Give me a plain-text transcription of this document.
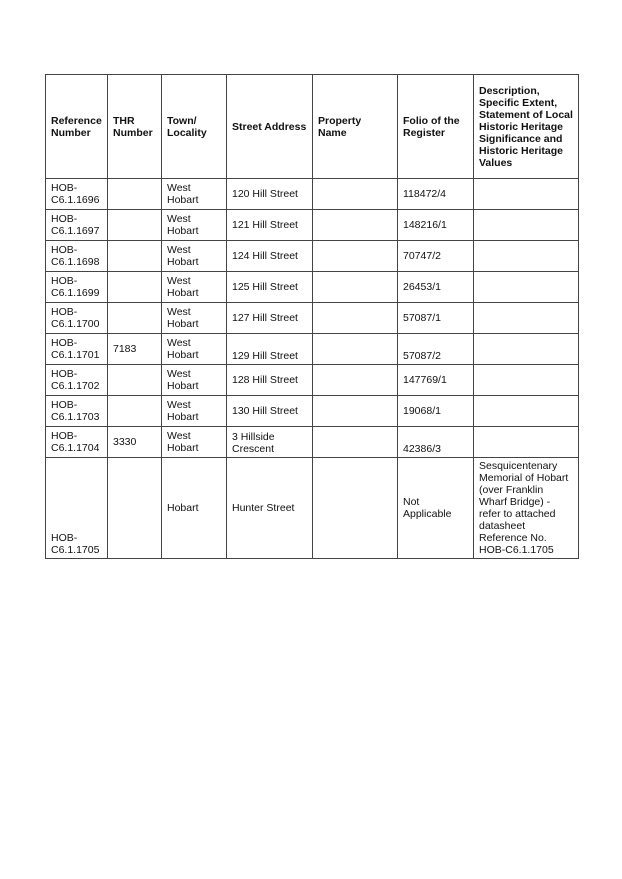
Reference Number	THR Number	Town/ Locality	Street Address	Property Name	Folio of the Register	Description, Specific Extent, Statement of Local Historic Heritage Significance and Historic Heritage Values

HOB-
C6.1.1696		West
Hobart	120 Hill Street		118472/4	

HOB-
C6.1.1697		West
Hobart	121 Hill Street		148216/1	

HOB-
C6.1.1698		West
Hobart	124 Hill Street		70747/2	

HOB-
C6.1.1699		West
Hobart	125 Hill Street		26453/1	

HOB-
C6.1.1700		West
Hobart	127 Hill Street		57087/1	

HOB-
C6.1.1701	7183	West
Hobart	129 Hill Street		57087/2	

HOB-
C6.1.1702		West
Hobart	128 Hill Street		147769/1	

HOB-
C6.1.1703		West
Hobart	130 Hill Street		19068/1	

HOB-
C6.1.1704	3330	West
Hobart	3 Hillside
Crescent		42386/3	

HOB-
C6.1.1705		Hobart	Hunter Street		Not
Applicable	Sesquicentenary Memorial of Hobart (over Franklin Wharf Bridge) - refer to attached datasheet Reference No. HOB-C6.1.1705
